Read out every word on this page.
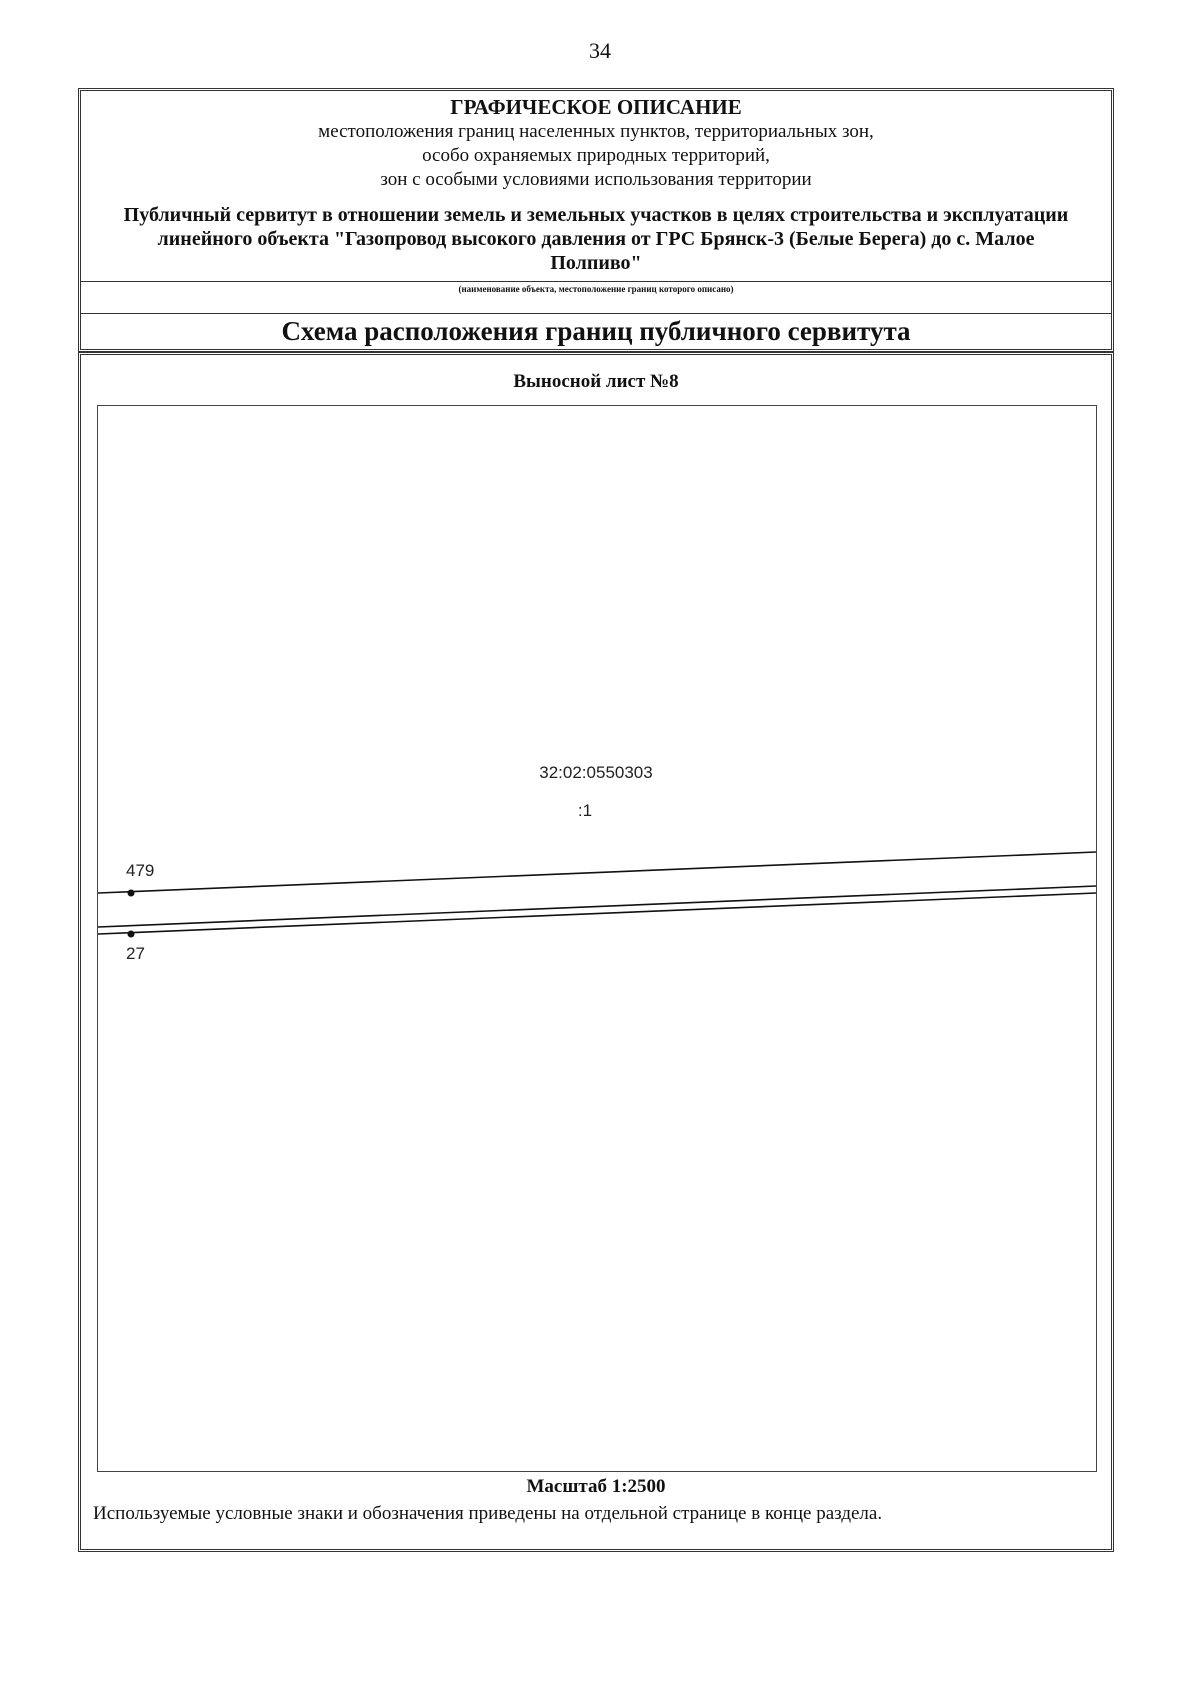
34
ГРАФИЧЕСКОЕ ОПИСАНИЕ
местоположения границ населенных пунктов, территориальных зон,
особо охраняемых природных территорий,
зон с особыми условиями использования территории
Публичный сервитут в отношении земель и земельных участков в целях строительства и эксплуатации линейного объекта "Газопровод высокого давления от ГРС Брянск-3 (Белые Берега) до с. Малое Полпиво"
(наименование объекта, местоположение границ которого описано)
Схема расположения границ публичного сервитута
Выносной лист №8
479
27
32:02:0550303
:1
Масштаб 1:2500
Используемые условные знаки и обозначения приведены на отдельной странице в конце раздела.
